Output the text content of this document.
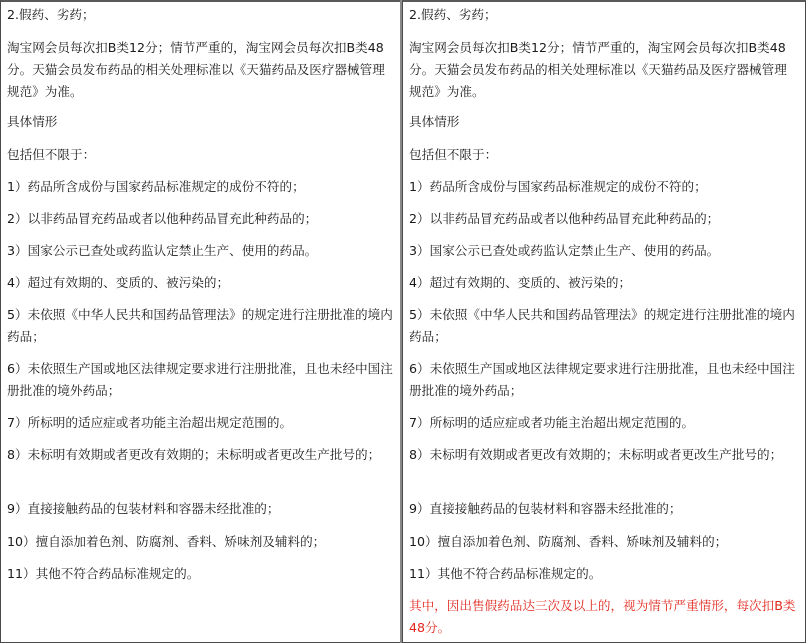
2.假药、劣药；

淘宝网会员每次扣B类12分；情节严重的，淘宝网会员每次扣B类48分。天猫会员发布药品的相关处理标准以《天猫药品及医疗器械管理规范》为准。

具体情形

包括但不限于：

1）药品所含成份与国家药品标准规定的成份不符的；

2）以非药品冒充药品或者以他种药品冒充此种药品的；

3）国家公示已查处或药监认定禁止生产、使用的药品。

4）超过有效期的、变质的、被污染的；

5）未依照《中华人民共和国药品管理法》的规定进行注册批准的境内药品；

6）未依照生产国或地区法律规定要求进行注册批准，且也未经中国注册批准的境外药品；

7）所标明的适应症或者功能主治超出规定范围的。

8）未标明有效期或者更改有效期的；未标明或者更改生产批号的；

9）直接接触药品的包装材料和容器未经批准的；

10）擅自添加着色剂、防腐剂、香料、矫味剂及辅料的；

11）其他不符合药品标准规定的。

2.假药、劣药；

淘宝网会员每次扣B类12分；情节严重的，淘宝网会员每次扣B类48分。天猫会员发布药品的相关处理标准以《天猫药品及医疗器械管理规范》为准。

具体情形

包括但不限于：

1）药品所含成份与国家药品标准规定的成份不符的；

2）以非药品冒充药品或者以他种药品冒充此种药品的；

3）国家公示已查处或药监认定禁止生产、使用的药品。

4）超过有效期的、变质的、被污染的；

5）未依照《中华人民共和国药品管理法》的规定进行注册批准的境内药品；

6）未依照生产国或地区法律规定要求进行注册批准，且也未经中国注册批准的境外药品；

7）所标明的适应症或者功能主治超出规定范围的。

8）未标明有效期或者更改有效期的；未标明或者更改生产批号的；

9）直接接触药品的包装材料和容器未经批准的；

10）擅自添加着色剂、防腐剂、香料、矫味剂及辅料的；

11）其他不符合药品标准规定的。

其中，因出售假药品达三次及以上的，视为情节严重情形，每次扣B类48分。
